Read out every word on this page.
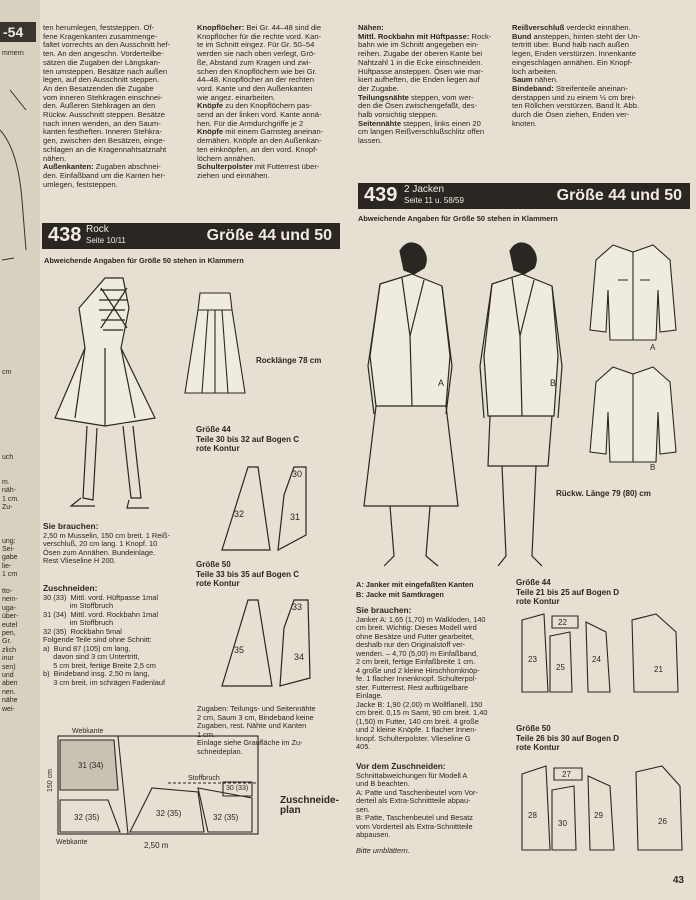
-54
mmern

cm

uch

m.
näh-
1 cm.
Zu-

ung:
Sei-
gabe
lie-
1 cm

tto-
nein-
uga-
über-
eutel
pen,
Gr.
zlich
inur
sen)
und
aben
nen.
nähe
wei-
ten herumlegen, feststeppen. Of-
fene Kragenkanten zusammenge-
faltet vorrechts an den Ausschnitt hef-
ten. An den angeschn. Vorderteilbe-
sätzen die Zugaben der Längskan-
ten umsteppen. Besätze nach außen
legen, auf den Ausschnitt steppen.
An den Besatzenden die Zugabe
vom inneren Stehkragen einschnei-
den. Äußeren Stehkragen an den
Rückw. Ausschnitt steppen. Besätze
nach innen wenden, an den Saum-
kanten festheften. Inneren Stehkra-
gen, zwischen den Besätzen, einge-
schlagen an die Kragennahtsatznaht
nähen.
Außenkanten: Zugaben abschnei-
den. Einfaßband um die Kanten her-
umlegen, feststeppen.
Knopflöcher: Bei Gr. 44–48 sind die
Knopflöcher für die rechte vord. Kan-
te im Schnitt eingez. Für Gr. 50–54
werden sie nach oben verlegt, Grö-
ße, Abstand zum Kragen und zwi-
schen den Knopflöchern wie bei Gr.
44–48. Knopflöcher an der rechten
vord. Kante und den Außenkanten
wie angez. einarbeiten.
Knöpfe zu den Knopflöchern pas-
send an der linken vord. Kante annä-
hen. Für die Armdurchgriffe je 2
Knöpfe mit einem Garnsteg aneinan-
dernähen. Knöpfe an den Außenkan-
ten einknöpfen, an den vord. Knopf-
löchern annähen.
Schulterpolster mit Futterrest über-
ziehen und einnähen.
Nähen:
Mittl. Rockbahn mit Hüftpasse: Rock-
bahn wie im Schnitt angegeben ein-
reihen. Zugabe der oberen Kante bei
Nahtzahl 1 in die Ecke einschneiden.
Hüftpasse ansteppen. Ösen wie mar-
kiert aufheften, die Enden liegen auf
der Zugabe.
Teilungsnähte steppen, vom wer-
den die Ösen zwischengefaßt, des-
halb vorsichtig steppen.
Seitennähte steppen, links einen 20
cm langen Reißverschlußschlitz offen
lassen.
Reißverschluß verdeckt einnähen.
Bund ansteppen, hinten steht der Un-
tertritt über. Bund halb nach außen
legen, Enden verstürzen. Innenkante
eingeschlagen annähen. Ein Knopf-
loch arbeiten.
Saum nähen.
Bindeband: Streifenteile aneinan-
derstappen und zu einem ½ cm brei-
ten Röllchen verstürzen. Band lt. Abb.
durch die Ösen ziehen, Enden ver-
knoten.
438 Rock
Seite 10/11	Größe 44 und 50
Abweichende Angaben für Größe 50 stehen in Klammern
439 2 Jacken
Seite 11 u. 58/59	Größe 44 und 50
Abweichende Angaben für Größe 50 stehen in Klammern
Rocklänge 78 cm
Größe 44
Teile 30 bis 32 auf Bogen C
rote Kontur
32
30
31
Größe 50
Teile 33 bis 35 auf Bogen C
rote Kontur
35
33
34
Sie brauchen:
2,50 m Musselin, 150 cm breit. 1 Reiß-
verschluß, 20 cm lang. 1 Knopf. 10
Ösen zum Annähen. Bundeinlage.
Rest Vlieseline H 200.
Zuschneiden:
30 (33)  Mittl. vord. Hüftpasse 1mal
im Stoffbruch
31 (34)  Mittl. vord. Rockbahn 1mal
im Stoffbruch
32 (35)  Rockbahn 5mal
Folgende Teile sind ohne Schnitt:
a)  Bund 87 (105) cm lang,
davon sind 3 cm Untertritt,
5 cm breit, fertige Breite 2,5 cm
b)  Bindeband insg. 2,50 m lang,
3 cm breit, im schrägen Fadenlauf
Zugaben: Teilungs- und Seitennähte
2 cm, Saum 3 cm, Bindeband keine
Zugaben, rest. Nähte und Kanten
1 cm.
Einlage siehe Graufläche im Zu-
schneideplan.
Webkante
31 (34)
32 (35)	32 (35)	32 (35)
30 (33)
Stoffbruch
Webkante	2,50 m
150 cm
Zuschneide-
plan
A	B
A
B
Rückw. Länge 79 (80) cm
A: Janker mit eingefaßten Kanten
B: Jacke mit Samtkragen
Sie brauchen:
Janker A: 1,65 (1,70) m Walkloden, 140
cm breit. Wichtig: Dieses Modell wird
ohne Besätze und Futter gearbeitet,
deshalb nur den Originalstoff ver-
wenden. – 4,70 (5,00) m Einfaßband,
2 cm breit, fertige Einfaßbreite 1 cm.
4 große und 2 kleine Hirschhornknöp-
fe. 1 flacher Innenknopf. Schulterpol-
ster. Futterrest. Rest aufbügelbare
Einlage.
Jacke B: 1,90 (2,00) m Wollflanell, 150
cm breit. 0,15 m Samt, 90 cm breit. 1,40
(1,50) m Futter, 140 cm breit. 4 große
und 2 kleine Knöpfe. 1 flacher Innen-
knopf. Schulterpolster. Vlieseline G
405.
Vor dem Zuschneiden:
Schnittabweichungen für Modell A
und B beachten.
A: Patte und Taschenbeutel vom Vor-
derteil als Extra-Schnittteile abpau-
sen.
B: Patte, Taschenbeutel und Besatz
vom Vorderteil als Extra-Schnittteile
abpausen.
Bitte umblättern.
Größe 44
Teile 21 bis 25 auf Bogen D
rote Kontur
23
22
25
24
21
Größe 50
Teile 26 bis 30 auf Bogen D
rote Kontur
28
27
30
29
26
43
